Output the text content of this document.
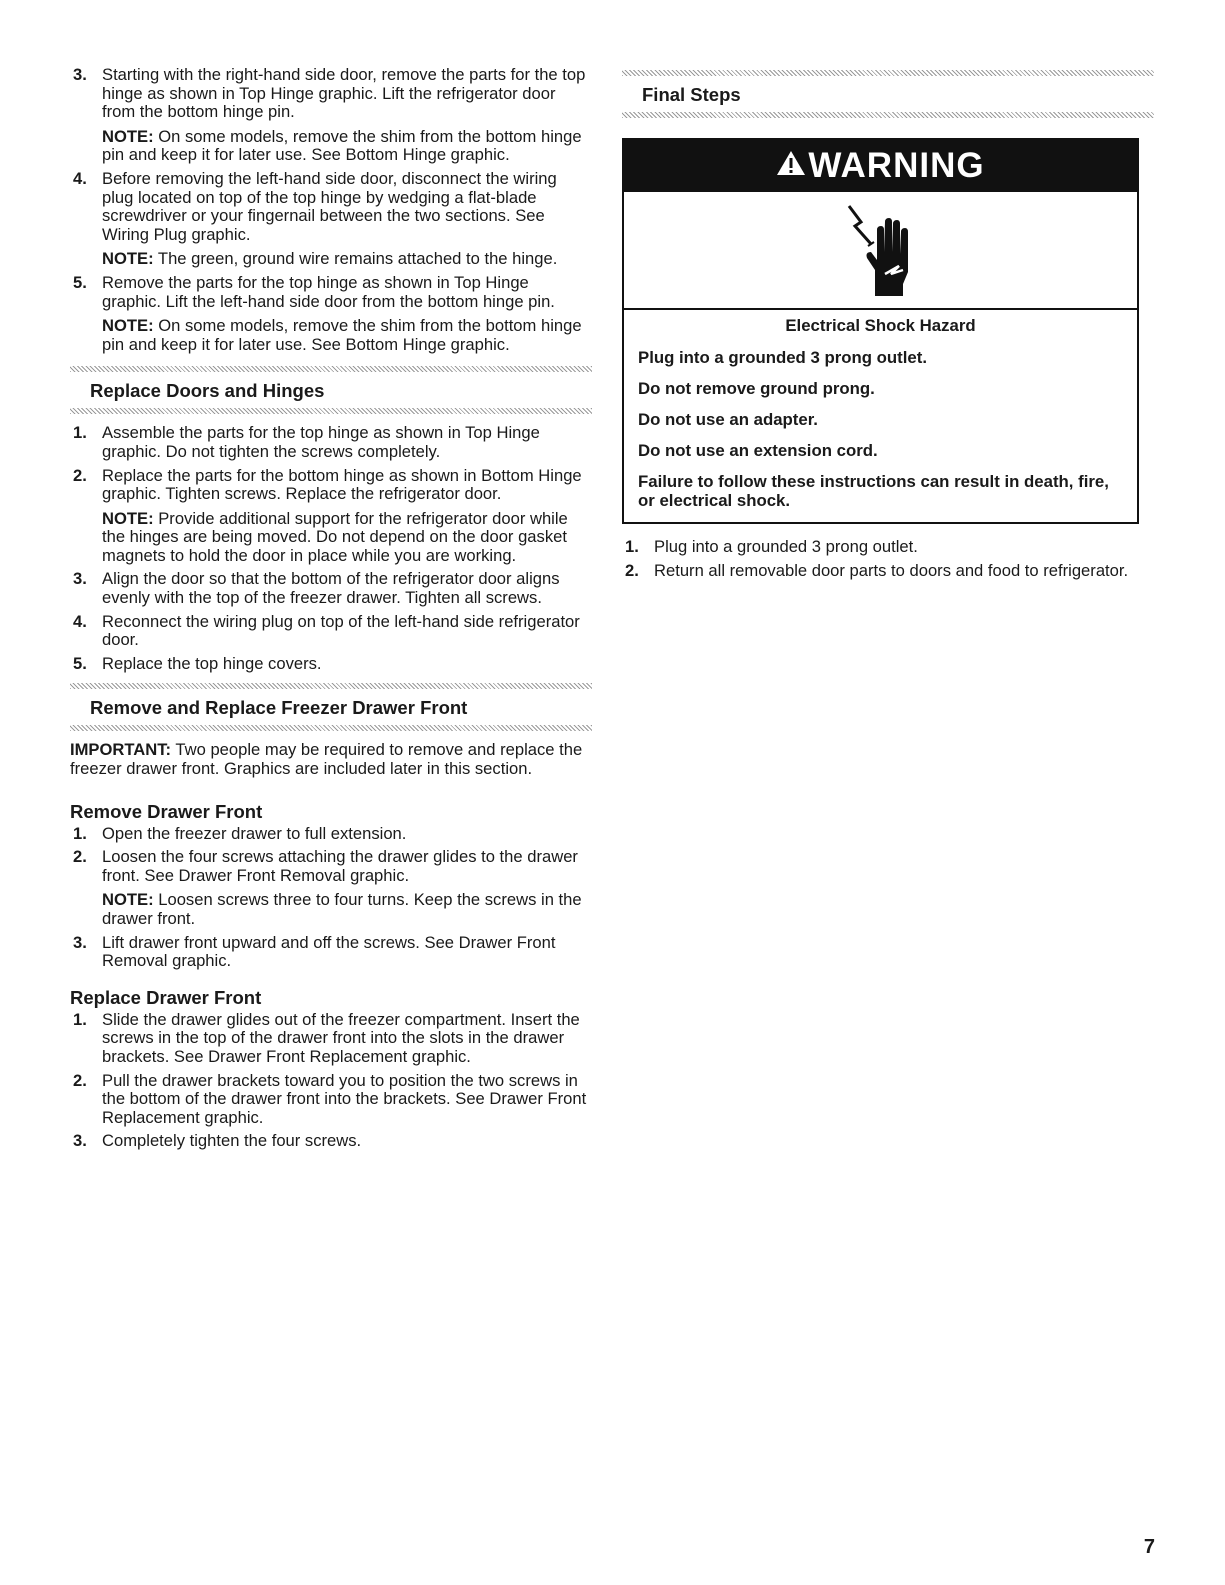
3. Starting with the right-hand side door, remove the parts for the top hinge as shown in Top Hinge graphic. Lift the refrigerator door from the bottom hinge pin.
NOTE: On some models, remove the shim from the bottom hinge pin and keep it for later use. See Bottom Hinge graphic.
4. Before removing the left-hand side door, disconnect the wiring plug located on top of the top hinge by wedging a flat-blade screwdriver or your fingernail between the two sections. See Wiring Plug graphic.
NOTE: The green, ground wire remains attached to the hinge.
5. Remove the parts for the top hinge as shown in Top Hinge graphic. Lift the left-hand side door from the bottom hinge pin.
NOTE: On some models, remove the shim from the bottom hinge pin and keep it for later use. See Bottom Hinge graphic.
Replace Doors and Hinges
1. Assemble the parts for the top hinge as shown in Top Hinge graphic. Do not tighten the screws completely.
2. Replace the parts for the bottom hinge as shown in Bottom Hinge graphic. Tighten screws. Replace the refrigerator door.
NOTE: Provide additional support for the refrigerator door while the hinges are being moved. Do not depend on the door gasket magnets to hold the door in place while you are working.
3. Align the door so that the bottom of the refrigerator door aligns evenly with the top of the freezer drawer. Tighten all screws.
4. Reconnect the wiring plug on top of the left-hand side refrigerator door.
5. Replace the top hinge covers.
Remove and Replace Freezer Drawer Front
IMPORTANT: Two people may be required to remove and replace the freezer drawer front. Graphics are included later in this section.
Remove Drawer Front
1. Open the freezer drawer to full extension.
2. Loosen the four screws attaching the drawer glides to the drawer front. See Drawer Front Removal graphic.
NOTE: Loosen screws three to four turns. Keep the screws in the drawer front.
3. Lift drawer front upward and off the screws. See Drawer Front Removal graphic.
Replace Drawer Front
1. Slide the drawer glides out of the freezer compartment. Insert the screws in the top of the drawer front into the slots in the drawer brackets. See Drawer Front Replacement graphic.
2. Pull the drawer brackets toward you to position the two screws in the bottom of the drawer front into the brackets. See Drawer Front Replacement graphic.
3. Completely tighten the four screws.
Final Steps
WARNING
Electrical Shock Hazard
Plug into a grounded 3 prong outlet.
Do not remove ground prong.
Do not use an adapter.
Do not use an extension cord.
Failure to follow these instructions can result in death, fire, or electrical shock.
1. Plug into a grounded 3 prong outlet.
2. Return all removable door parts to doors and food to refrigerator.
7
